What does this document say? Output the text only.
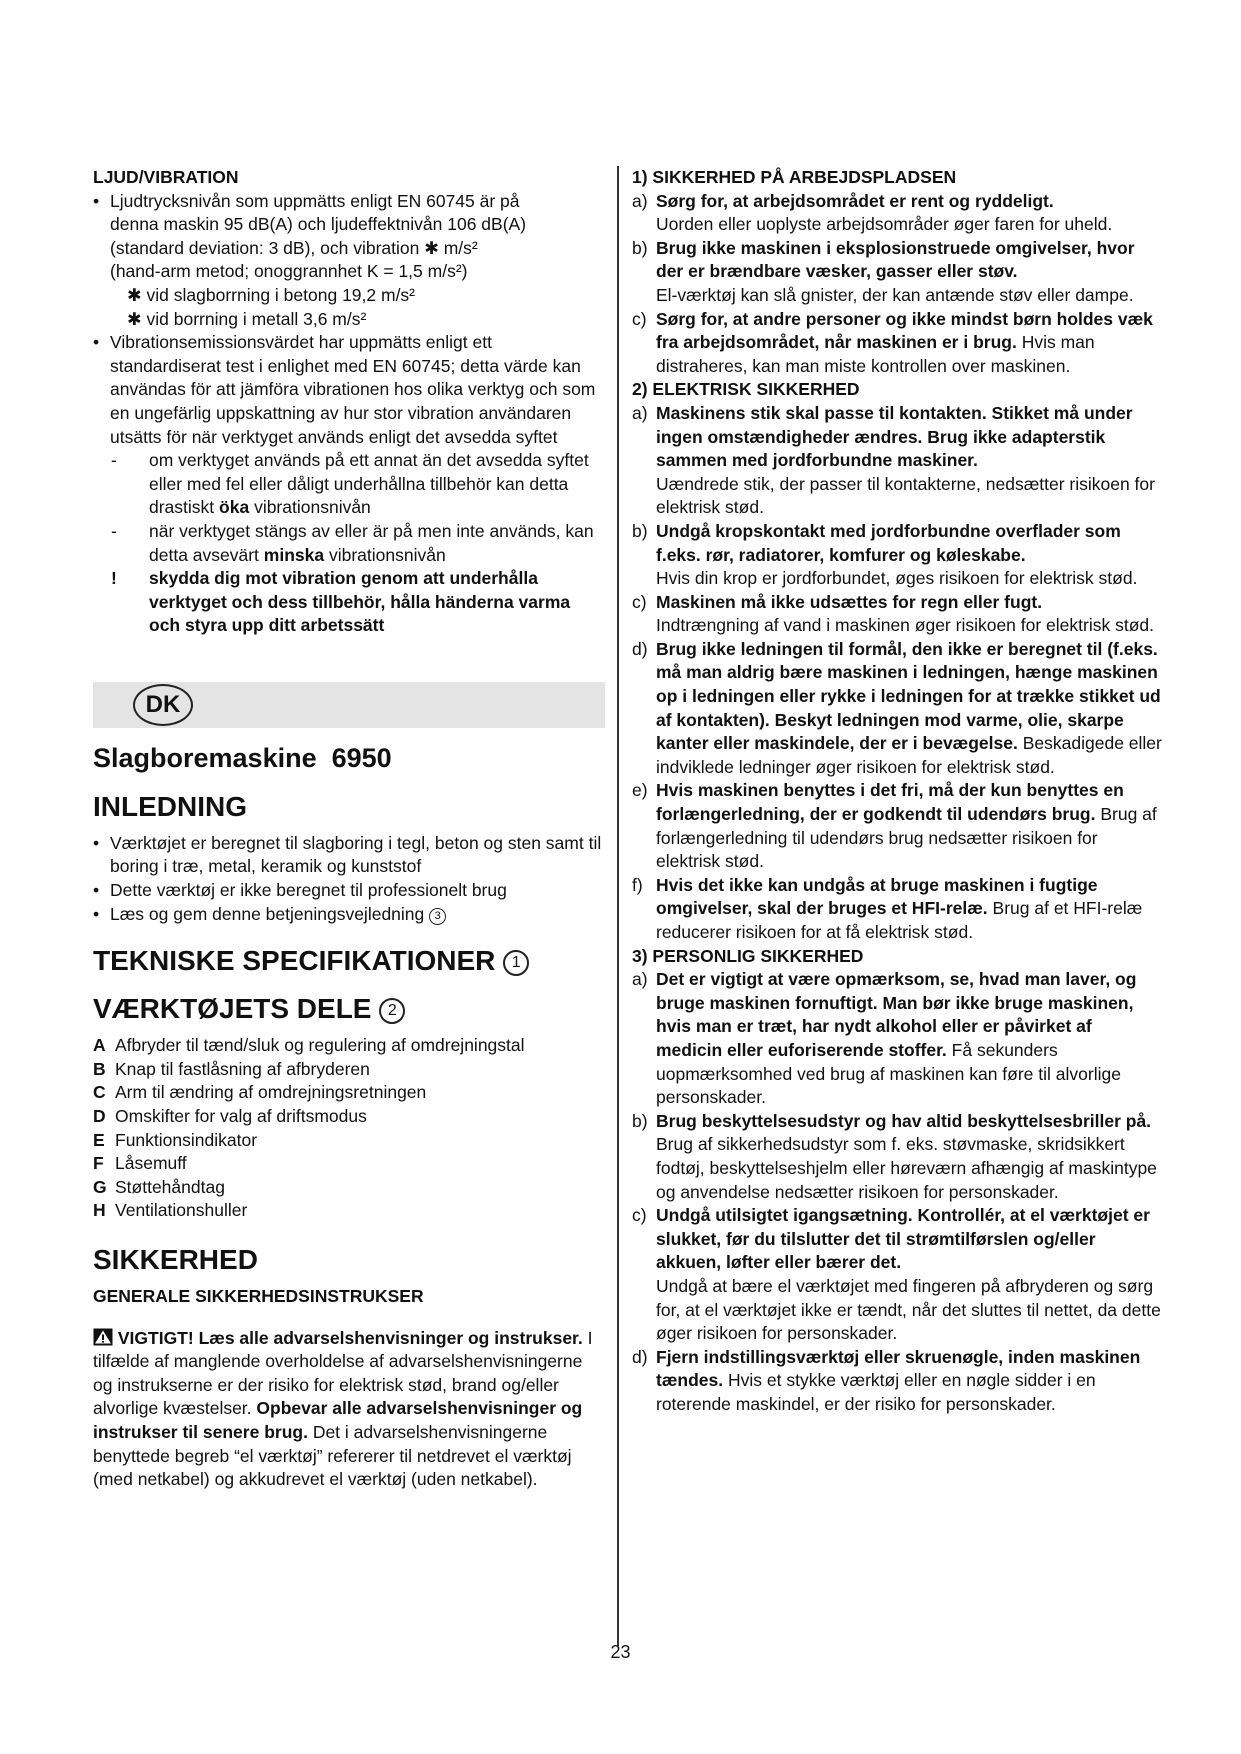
LJUD/VIBRATION
• Ljudtrycksnivån som uppmätts enligt EN 60745 är på
denna maskin 95 dB(A) och ljudeffektnivån 106 dB(A)
(standard deviation: 3 dB), och vibration ✱ m/s²
(hand-arm metod; onoggrannhet K = 1,5 m/s²)
✱ vid slagborrning i betong 19,2 m/s²
✱ vid borrning i metall 3,6 m/s²
• Vibrationsemissionsvärdet har uppmätts enligt ett standardiserat test i enlighet med EN 60745; detta värde kan användas för att jämföra vibrationen hos olika verktyg och som en ungefärlig uppskattning av hur stor vibration användaren utsätts för när verktyget används enligt det avsedda syftet
- om verktyget används på ett annat än det avsedda syftet eller med fel eller dåligt underhållna tillbehör kan detta drastiskt öka vibrationsnivån
- när verktyget stängs av eller är på men inte används, kan detta avsevärt minska vibrationsnivån
! skydda dig mot vibration genom att underhålla verktyget och dess tillbehör, hålla händerna varma och styra upp ditt arbetssätt
DK
Slagboremaskine  6950
INLEDNING
• Værktøjet er beregnet til slagboring i tegl, beton og sten samt til boring i træ, metal, keramik og kunststof
• Dette værktøj er ikke beregnet til professionelt brug
• Læs og gem denne betjeningsvejledning 3
TEKNISKE SPECIFIKATIONER 1
VÆRKTØJETS DELE 2
A Afbryder til tænd/sluk og regulering af omdrejningstal
B Knap til fastlåsning af afbryderen
C Arm til ændring af omdrejningsretningen
D Omskifter for valg af driftsmodus
E Funktionsindikator
F Låsemuff
G Støttehåndtag
H Ventilationshuller
SIKKERHED
GENERALE SIKKERHEDSINSTRUKSER
VIGTIGT! Læs alle advarselshenvisninger og instrukser. I tilfælde af manglende overholdelse af advarselshenvisningerne og instrukserne er der risiko for elektrisk stød, brand og/eller alvorlige kvæstelser. Opbevar alle advarselshenvisninger og instrukser til senere brug. Det i advarselshenvisningerne benyttede begreb “el værktøj” refererer til netdrevet el værktøj (med netkabel) og akkudrevet el værktøj (uden netkabel).
1) SIKKERHED PÅ ARBEJDSPLADSEN
a) Sørg for, at arbejdsområdet er rent og ryddeligt.
Uorden eller uoplyste arbejdsområder øger faren for uheld.
b) Brug ikke maskinen i eksplosionstruede omgivelser, hvor der er brændbare væsker, gasser eller støv.
El-værktøj kan slå gnister, der kan antænde støv eller dampe.
c) Sørg for, at andre personer og ikke mindst børn holdes væk fra arbejdsområdet, når maskinen er i brug. Hvis man distraheres, kan man miste kontrollen over maskinen.
2) ELEKTRISK SIKKERHED
a) Maskinens stik skal passe til kontakten. Stikket må under ingen omstændigheder ændres. Brug ikke adapterstik sammen med jordforbundne maskiner.
Uændrede stik, der passer til kontakterne, nedsætter risikoen for elektrisk stød.
b) Undgå kropskontakt med jordforbundne overflader som f.eks. rør, radiatorer, komfurer og køleskabe.
Hvis din krop er jordforbundet, øges risikoen for elektrisk stød.
c) Maskinen må ikke udsættes for regn eller fugt.
Indtrængning af vand i maskinen øger risikoen for elektrisk stød.
d) Brug ikke ledningen til formål, den ikke er beregnet til (f.eks. må man aldrig bære maskinen i ledningen, hænge maskinen op i ledningen eller rykke i ledningen for at trække stikket ud af kontakten). Beskyt ledningen mod varme, olie, skarpe kanter eller maskindele, der er i bevægelse. Beskadigede eller indviklede ledninger øger risikoen for elektrisk stød.
e) Hvis maskinen benyttes i det fri, må der kun benyttes en forlængerledning, der er godkendt til udendørs brug. Brug af forlængerledning til udendørs brug nedsætter risikoen for elektrisk stød.
f) Hvis det ikke kan undgås at bruge maskinen i fugtige omgivelser, skal der bruges et HFI-relæ. Brug af et HFI-relæ reducerer risikoen for at få elektrisk stød.
3) PERSONLIG SIKKERHED
a) Det er vigtigt at være opmærksom, se, hvad man laver, og bruge maskinen fornuftigt. Man bør ikke bruge maskinen, hvis man er træt, har nydt alkohol eller er påvirket af medicin eller euforiserende stoffer. Få sekunders uopmærksomhed ved brug af maskinen kan føre til alvorlige personskader.
b) Brug beskyttelsesudstyr og hav altid beskyttelsesbriller på. Brug af sikkerhedsudstyr som f. eks. støvmaske, skridsikkert fodtøj, beskyttelseshjelm eller høreværn afhængig af maskintype og anvendelse nedsætter risikoen for personskader.
c) Undgå utilsigtet igangsætning. Kontrollér, at el værktøjet er slukket, før du tilslutter det til strømtilførslen og/eller akkuen, løfter eller bærer det.
Undgå at bære el værktøjet med fingeren på afbryderen og sørg for, at el værktøjet ikke er tændt, når det sluttes til nettet, da dette øger risikoen for personskader.
d) Fjern indstillingsværktøj eller skruenøgle, inden maskinen tændes. Hvis et stykke værktøj eller en nøgle sidder i en roterende maskindel, er der risiko for personskader.
23
